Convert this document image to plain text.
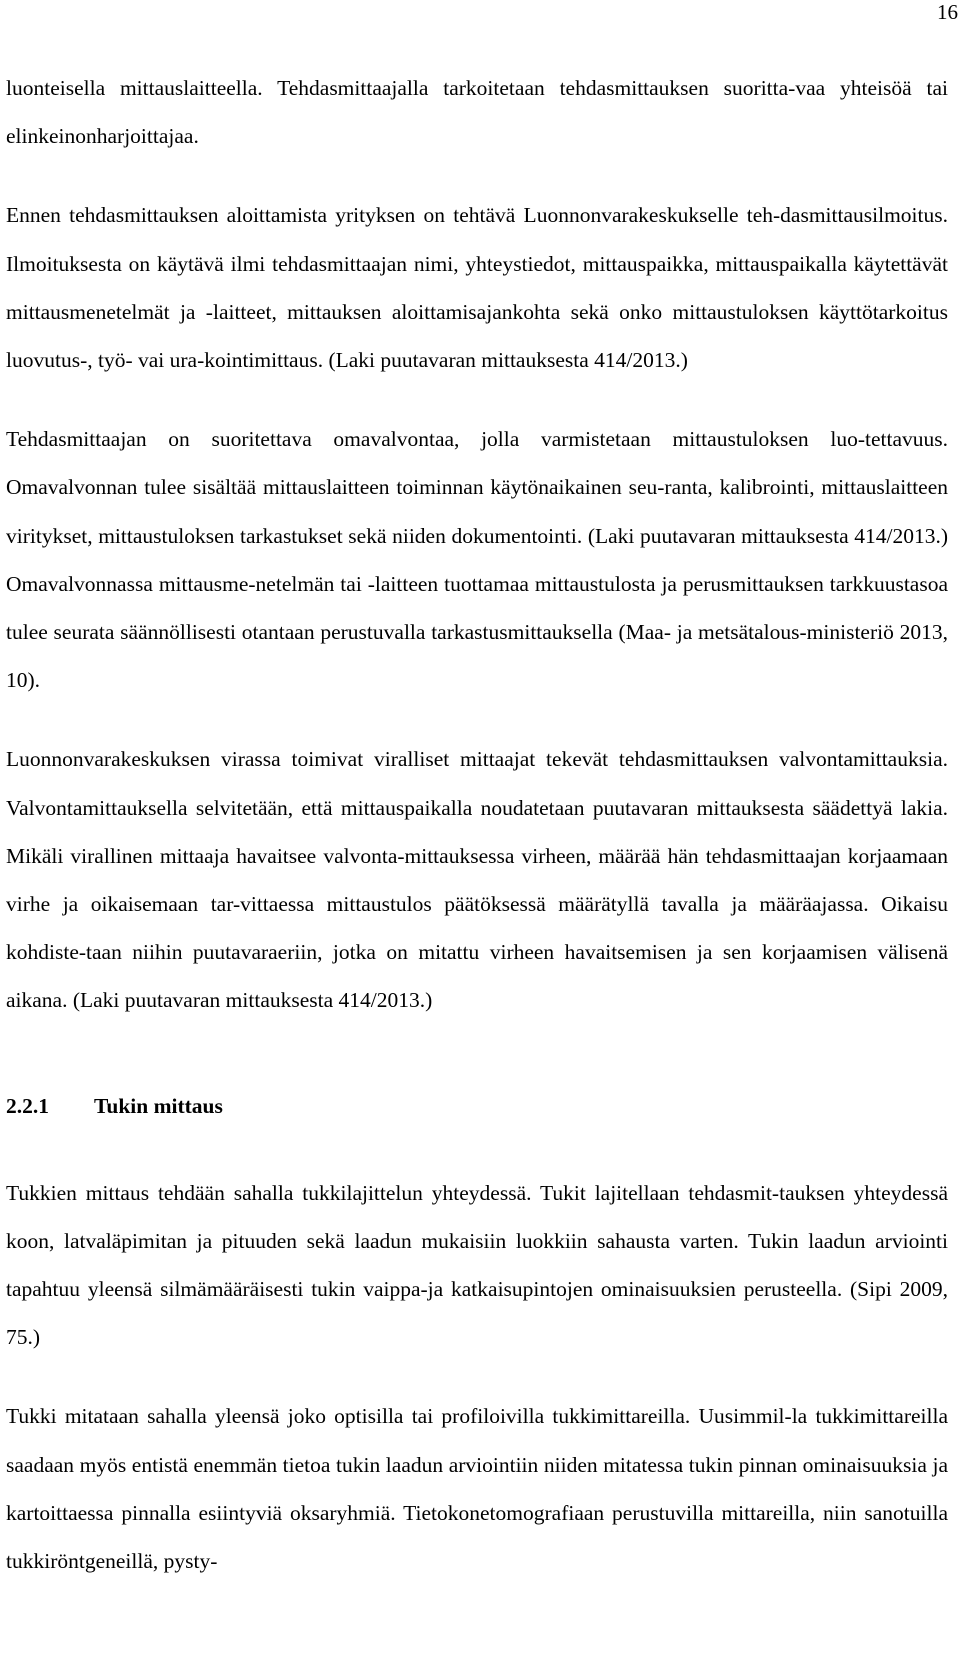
16

luonteisella mittauslaitteella. Tehdasmittaajalla tarkoitetaan tehdasmittauksen suoritta-vaa yhteisöä tai elinkeinonharjoittajaa.

Ennen tehdasmittauksen aloittamista yrityksen on tehtävä Luonnonvarakeskukselle teh-dasmittausilmoitus. Ilmoituksesta on käytävä ilmi tehdasmittaajan nimi, yhteystiedot, mittauspaikka, mittauspaikalla käytettävät mittausmenetelmät ja -laitteet, mittauksen aloittamisajankohta sekä onko mittaustuloksen käyttötarkoitus luovutus-, työ- vai ura-kointimittaus. (Laki puutavaran mittauksesta 414/2013.)

Tehdasmittaajan on suoritettava omavalvontaa, jolla varmistetaan mittaustuloksen luo-tettavuus. Omavalvonnan tulee sisältää mittauslaitteen toiminnan käytönaikainen seu-ranta, kalibrointi, mittauslaitteen viritykset, mittaustuloksen tarkastukset sekä niiden dokumentointi. (Laki puutavaran mittauksesta 414/2013.) Omavalvonnassa mittausme-netelmän tai -laitteen tuottamaa mittaustulosta ja perusmittauksen tarkkuustasoa tulee seurata säännöllisesti otantaan perustuvalla tarkastusmittauksella (Maa- ja metsätalous-ministeriö 2013, 10).

Luonnonvarakeskuksen virassa toimivat viralliset mittaajat tekevät tehdasmittauksen valvontamittauksia. Valvontamittauksella selvitetään, että mittauspaikalla noudatetaan puutavaran mittauksesta säädettyä lakia. Mikäli virallinen mittaaja havaitsee valvonta-mittauksessa virheen, määrää hän tehdasmittaajan korjaamaan virhe ja oikaisemaan tar-vittaessa mittaustulos päätöksessä määrätyllä tavalla ja määräajassa. Oikaisu kohdiste-taan niihin puutavaraeriin, jotka on mitattu virheen havaitsemisen ja sen korjaamisen välisenä aikana. (Laki puutavaran mittauksesta 414/2013.)

2.2.1 Tukin mittaus

Tukkien mittaus tehdään sahalla tukkilajittelun yhteydessä. Tukit lajitellaan tehdasmit-tauksen yhteydessä koon, latvaläpimitan ja pituuden sekä laadun mukaisiin luokkiin sahausta varten. Tukin laadun arviointi tapahtuu yleensä silmämääräisesti tukin vaippa-ja katkaisupintojen ominaisuuksien perusteella. (Sipi 2009, 75.)

Tukki mitataan sahalla yleensä joko optisilla tai profiloivilla tukkimittareilla. Uusimmil-la tukkimittareilla saadaan myös entistä enemmän tietoa tukin laadun arviointiin niiden mitatessa tukin pinnan ominaisuuksia ja kartoittaessa pinnalla esiintyviä oksaryhmiä. Tietokonetomografiaan perustuvilla mittareilla, niin sanotuilla tukkiröntgeneillä, pysty-
